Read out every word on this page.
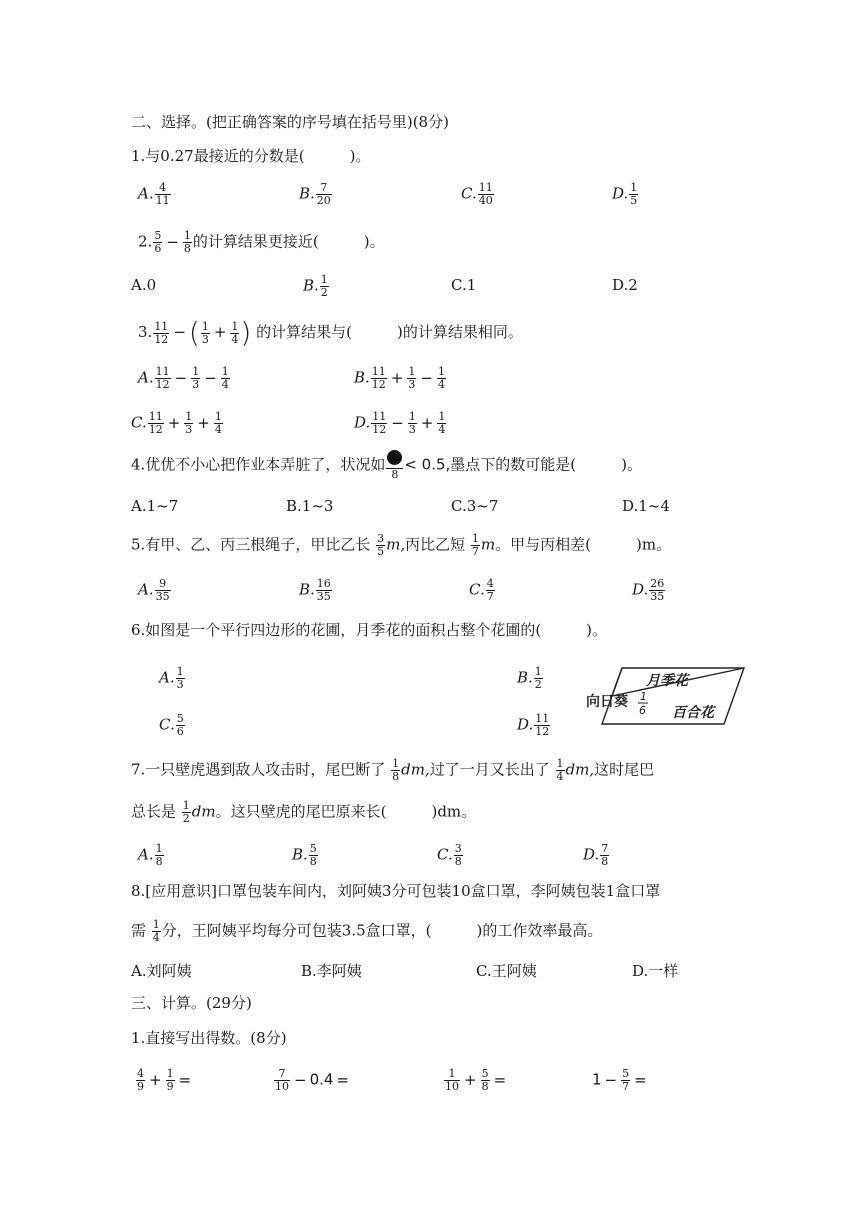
二、选择。(把正确答案的序号填在括号里)(8分)
1.与0.27最接近的分数是(　　　)。
A. $\frac{4}{11}$	B. $\frac{7}{20}$	C. $\frac{11}{40}$	D. $\frac{1}{5}$
2. $\frac{5}{6} - \frac{1}{8}$ 的计算结果更接近(　　　)。
A.0	B. $\frac{1}{2}$	C.1	D.2
3. $\frac{11}{12}$ − ( $\frac{1}{3} + \frac{1}{4}$ ) 的计算结果与(　　　)的计算结果相同。
A. $\frac{11}{12} - \frac{1}{3} - \frac{1}{4}$	B. $\frac{11}{12} + \frac{1}{3} - \frac{1}{4}$
C. $\frac{11}{12} + \frac{1}{3} + \frac{1}{4}$	D. $\frac{11}{12} - \frac{1}{3} + \frac{1}{4}$
4.优优不小心把作业本弄脏了，状况如
8
< 0.5,墨点下的数可能是(　　　)。
A.1~7	B.1~3	C.3~7	D.1~4
5.有甲、乙、丙三根绳子，甲比乙长 $\frac{3}{5} m$,丙比乙短 $\frac{1}{7}$ m。甲与丙相差(　　　)m。
A. $\frac{9}{35}$	B. $\frac{16}{35}$	C. $\frac{4}{7}$	D. $\frac{26}{35}$
6.如图是一个平行四边形的花圃，月季花的面积占整个花圃的(　　　)。
A. $\frac{1}{3}$	B. $\frac{1}{2}$
C. $\frac{5}{6}$	D. $\frac{11}{12}$
月季花
向日葵 1
6 百合花
7.一只壁虎遇到敌人攻击时，尾巴断了 $\frac{1}{8}$ dm,过了一月又长出了 $\frac{1}{4}$ dm,这时尾巴
总长是 $\frac{1}{2}$ dm。这只壁虎的尾巴原来长(　　　)dm。
A. $\frac{1}{8}$	B. $\frac{5}{8}$	C. $\frac{3}{8}$	D. $\frac{7}{8}$
8.[应用意识]口罩包装车间内，刘阿姨3分可包装10盒口罩，李阿姨包装1盒口罩
需 $\frac{1}{4}$ 分，王阿姨平均每分可包装3.5盒口罩，(　　　)的工作效率最高。
A.刘阿姨	B.李阿姨	C.王阿姨	D.一样
三、计算。(29分)
1.直接写出得数。(8分)
$\frac{4}{9} + \frac{1}{9}$ =	$\frac{7}{10} - 0.4$ =	$\frac{1}{10} + \frac{5}{8}$ =	$1 - \frac{5}{7}$ =
